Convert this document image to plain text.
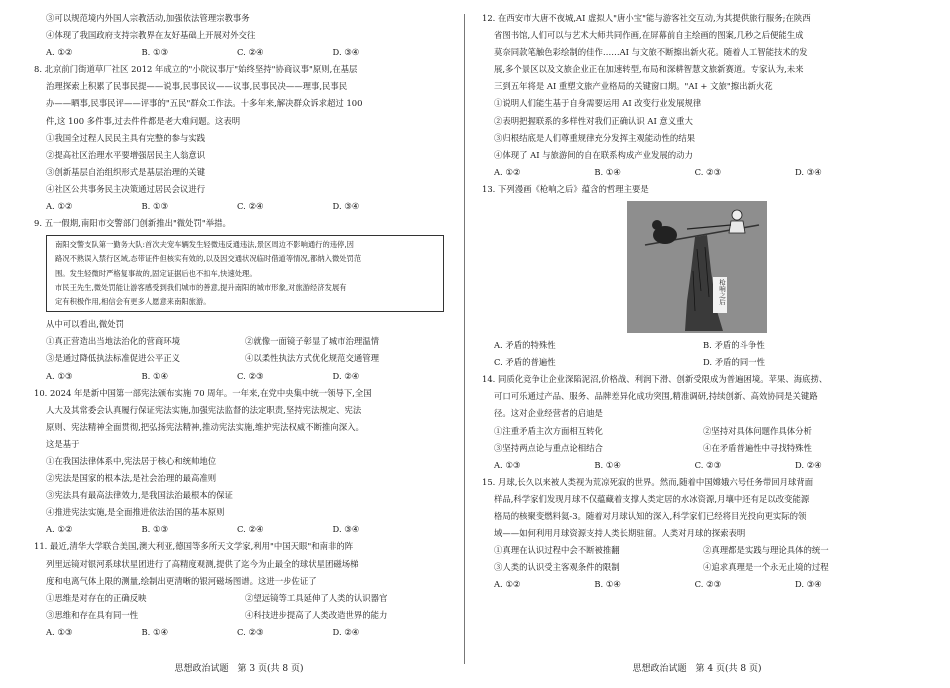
③可以规范境内外国人宗教活动,加强依法管理宗教事务
④体现了我国政府支持宗教界在友好基础上开展对外交往
A. ①②	B. ①③	C. ②④	D. ③④
8. 北京前门街道草厂社区 2012 年成立的"小院议事厅"始终坚持"协商议事"原则,在基层
治理探索上积累了民事民提——说事,民事民议——议事,民事民决——理事,民事民
办——晒事,民事民评——评事的"五民"群众工作法。十多年来,解决群众诉求超过 100
件,这 100 多件事,过去件件都是老大难问题。这表明
①我国全过程人民民主具有完整的参与实践
②提高社区治理水平要增强居民主人翁意识
③创新基层自治组织形式是基层治理的关键
④社区公共事务民主决策通过居民会议进行
A. ①②	B. ①③	C. ②④	D. ③④
9. 五一假期,南阳市交警部门创新推出"微处罚"举措。
南阳交警支队第一勤务大队:首次夫宠车辆发生轻微违反通违法,景区周边不影响通行的违停,因
路况不熟误入禁行区域,态带证件但核实有效的,以及因交通状况临时借道等情况,都纳入微处罚范
围。发生轻微时严格复事故的,固定证据后也不扣车,快速处理。
市民王先生,微处罚能让游客感受到我们城市的善意,提升南阳的城市形象,对旅游经济发展有
定有积极作用,相信会有更多人愿意来南阳旅游。
从中可以看出,微处罚
①真正营造出当地法治化的营商环境	②就像一面镜子彰显了城市治理温情
③是通过降低执法标准促进公平正义	④以柔性执法方式优化规范交通管理
A. ①③	B. ①④	C. ②③	D. ②④
10. 2024 年是新中国第一部宪法颁布实施 70 周年。一年来,在党中央集中统一领导下,全国
人大及其常委会认真履行保证宪法实施,加强宪法监督的法定职责,坚持宪法规定、宪法
原则、宪法精神全面贯彻,把弘扬宪法精神,推动宪法实施,维护宪法权威不断推向深入。
这是基于
①在我国法律体系中,宪法居于核心和统帅地位
②宪法是国家的根本法,是社会治理的最高准则
③宪法具有最高法律效力,是我国法治最根本的保证
④推进宪法实施,是全面推进依法治国的基本原则
A. ①②	B. ①③	C. ②④	D. ③④
11. 最近,清华大学联合美国,澳大利亚,德国等多所天文学家,利用"中国天眼"和南非的阵
列里远镜对银河系球状星团进行了高精度观测,提供了迄今为止最全的球状星团磁场梯
度和电离气体上限的测量,绘制出更清晰的银河磁场图谱。这进一步佐证了
①思维是对存在的正确反映	②望远镜等工具延伸了人类的认识器官
③思维和存在具有同一性	④科技进步提高了人类改造世界的能力
A. ①③	B. ①④	C. ②③	D. ②④
思想政治试题　第 3 页(共 8 页)
12. 在西安市大唐不夜城,AI 虚拟人"唐小宝"能与游客社交互动,为其提供旅行服务;在陕西
省图书馆,人们可以与艺术大师共同作画,在屏幕前自主绘画的图案,几秒之后便能生成
莫奈同款笔触色彩绘制的佳作……AI 与文旅不断擦出新火花。随着人工智能技术的发
展,多个景区以及文旅企业正在加速转型,布局和深耕智慧文旅新赛道。专家认为,未来
三到五年将是 AI 重塑文旅产业格局的关键窗口期。"AI + 文旅"擦出新火花
①说明人们能生基于自身需要运用 AI 改变行业发展规律
②表明把握联系的多样性对我们正确认识 AI 意义重大
③归根结底是人们尊重规律充分发挥主观能动性的结果
④体现了 AI 与旅游间的自在联系构成产业发展的动力
A. ①②	B. ①④	C. ②③	D. ③④
13. 下列漫画《枪响之后》蕴含的哲理主要是
枪响之后
A. 矛盾的特殊性	B. 矛盾的斗争性
C. 矛盾的普遍性	D. 矛盾的同一性
14. 同质化竞争让企业深陷泥沼,价格战、利润下滑、创新受限成为普遍困境。苹果、海底捞、
可口可乐通过产品、服务、品牌差异化成功突围,精准调研,持续创新、高效协同是关键路
径。这对企业经营者的启迪是
①注重矛盾主次方面相互转化	②坚持对具体问题作具体分析
③坚持两点论与重点论相结合	④在矛盾普遍性中寻找特殊性
A. ①③	B. ①④	C. ②③	D. ②④
15. 月球,长久以来被人类视为荒凉死寂的世界。然而,随着中国嫦娥六号任务带回月球背面
样品,科学家们发现月球不仅蕴藏着支撑人类定居的水冰资源,月壤中还有足以改变能源
格局的核聚变燃料氦-3。随着对月球认知的深入,科学家们已经将目光投向更实际的领
域——如何利用月球资源支持人类长期驻留。人类对月球的探索表明
①真理在认识过程中会不断被推翻	②真理都是实践与理论具体的统一
③人类的认识受主客观条件的限制	④追求真理是一个永无止境的过程
A. ①②	B. ①④	C. ②③	D. ③④
思想政治试题　第 4 页(共 8 页)
